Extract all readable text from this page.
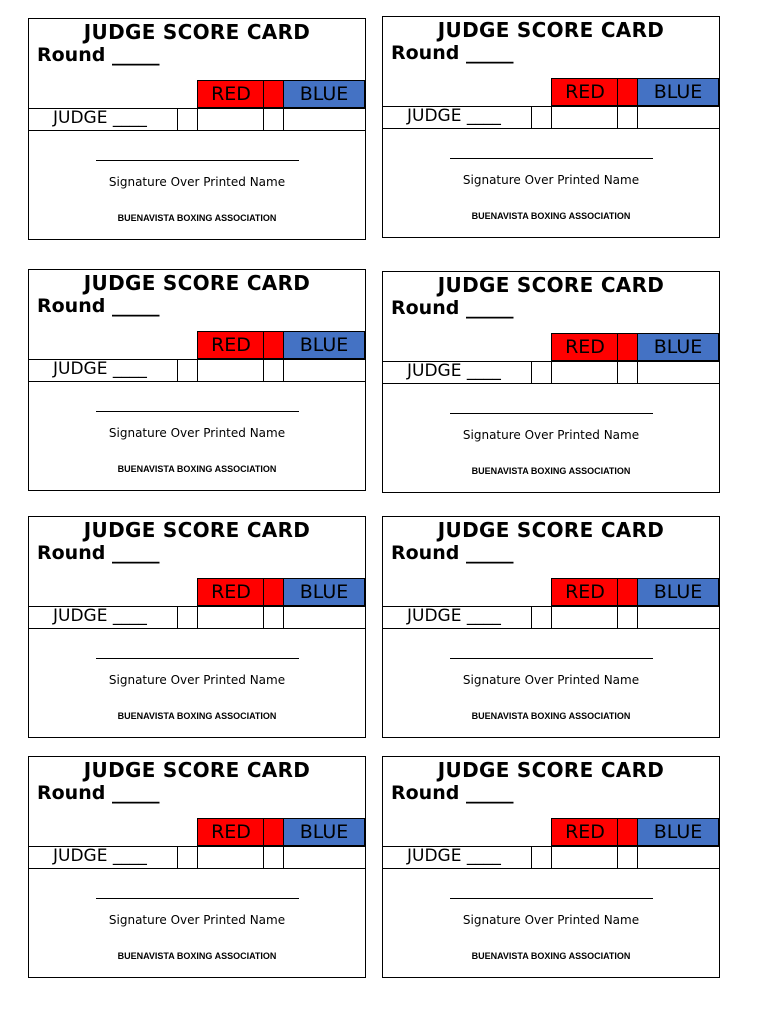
JUDGE SCORE CARD
Round _____
RED	BLUE
JUDGE ____
Signature Over Printed Name
BUENAVISTA BOXING ASSOCIATION
JUDGE SCORE CARD
Round _____
RED	BLUE
JUDGE ____
Signature Over Printed Name
BUENAVISTA BOXING ASSOCIATION
JUDGE SCORE CARD
Round _____
RED	BLUE
JUDGE ____
Signature Over Printed Name
BUENAVISTA BOXING ASSOCIATION
JUDGE SCORE CARD
Round _____
RED	BLUE
JUDGE ____
Signature Over Printed Name
BUENAVISTA BOXING ASSOCIATION
JUDGE SCORE CARD
Round _____
RED	BLUE
JUDGE ____
Signature Over Printed Name
BUENAVISTA BOXING ASSOCIATION
JUDGE SCORE CARD
Round _____
RED	BLUE
JUDGE ____
Signature Over Printed Name
BUENAVISTA BOXING ASSOCIATION
JUDGE SCORE CARD
Round _____
RED	BLUE
JUDGE ____
Signature Over Printed Name
BUENAVISTA BOXING ASSOCIATION
JUDGE SCORE CARD
Round _____
RED	BLUE
JUDGE ____
Signature Over Printed Name
BUENAVISTA BOXING ASSOCIATION
